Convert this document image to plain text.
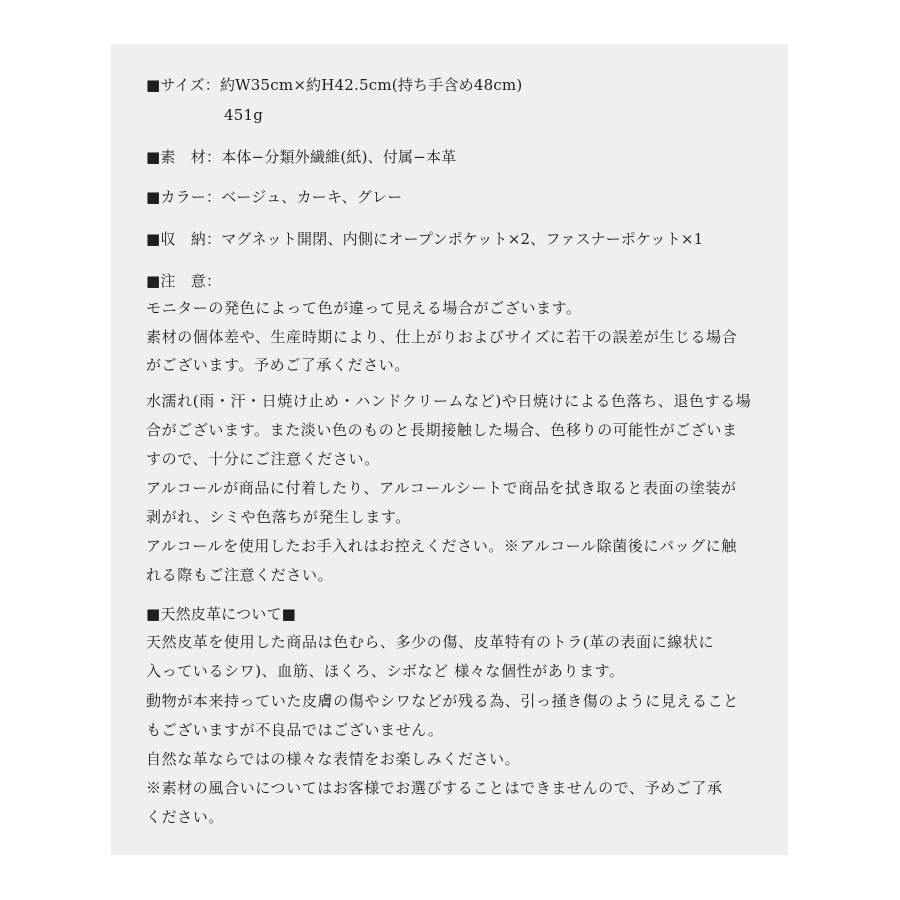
■サイズ：約W35cm×約H42.5cm(持ち手含め48cm)
451g
■素　材：本体−分類外繊維(紙)、付属−本革
■カラー：ベージュ、カーキ、グレー
■収　納：マグネット開閉、内側にオープンポケット×2、ファスナーポケット×1
■注　意：
モニターの発色によって色が違って見える場合がございます。
素材の個体差や、生産時期により、仕上がりおよびサイズに若干の誤差が生じる場合
がございます。予めご了承ください。
水濡れ(雨・汗・日焼け止め・ハンドクリームなど)や日焼けによる色落ち、退色する場
合がございます。また淡い色のものと長期接触した場合、色移りの可能性がございま
すので、十分にご注意ください。
アルコールが商品に付着したり、アルコールシートで商品を拭き取ると表面の塗装が
剥がれ、シミや色落ちが発生します。
アルコールを使用したお手入れはお控えください。※アルコール除菌後にバッグに触
れる際もご注意ください。
■天然皮革について■
天然皮革を使用した商品は色むら、多少の傷、皮革特有のトラ(革の表面に線状に
入っているシワ)、血筋、ほくろ、シボなど 様々な個性があります。
動物が本来持っていた皮膚の傷やシワなどが残る為、引っ掻き傷のように見えること
もございますが不良品ではございません。
自然な革ならではの様々な表情をお楽しみください。
※素材の風合いについてはお客様でお選びすることはできませんので、予めご了承
ください。
